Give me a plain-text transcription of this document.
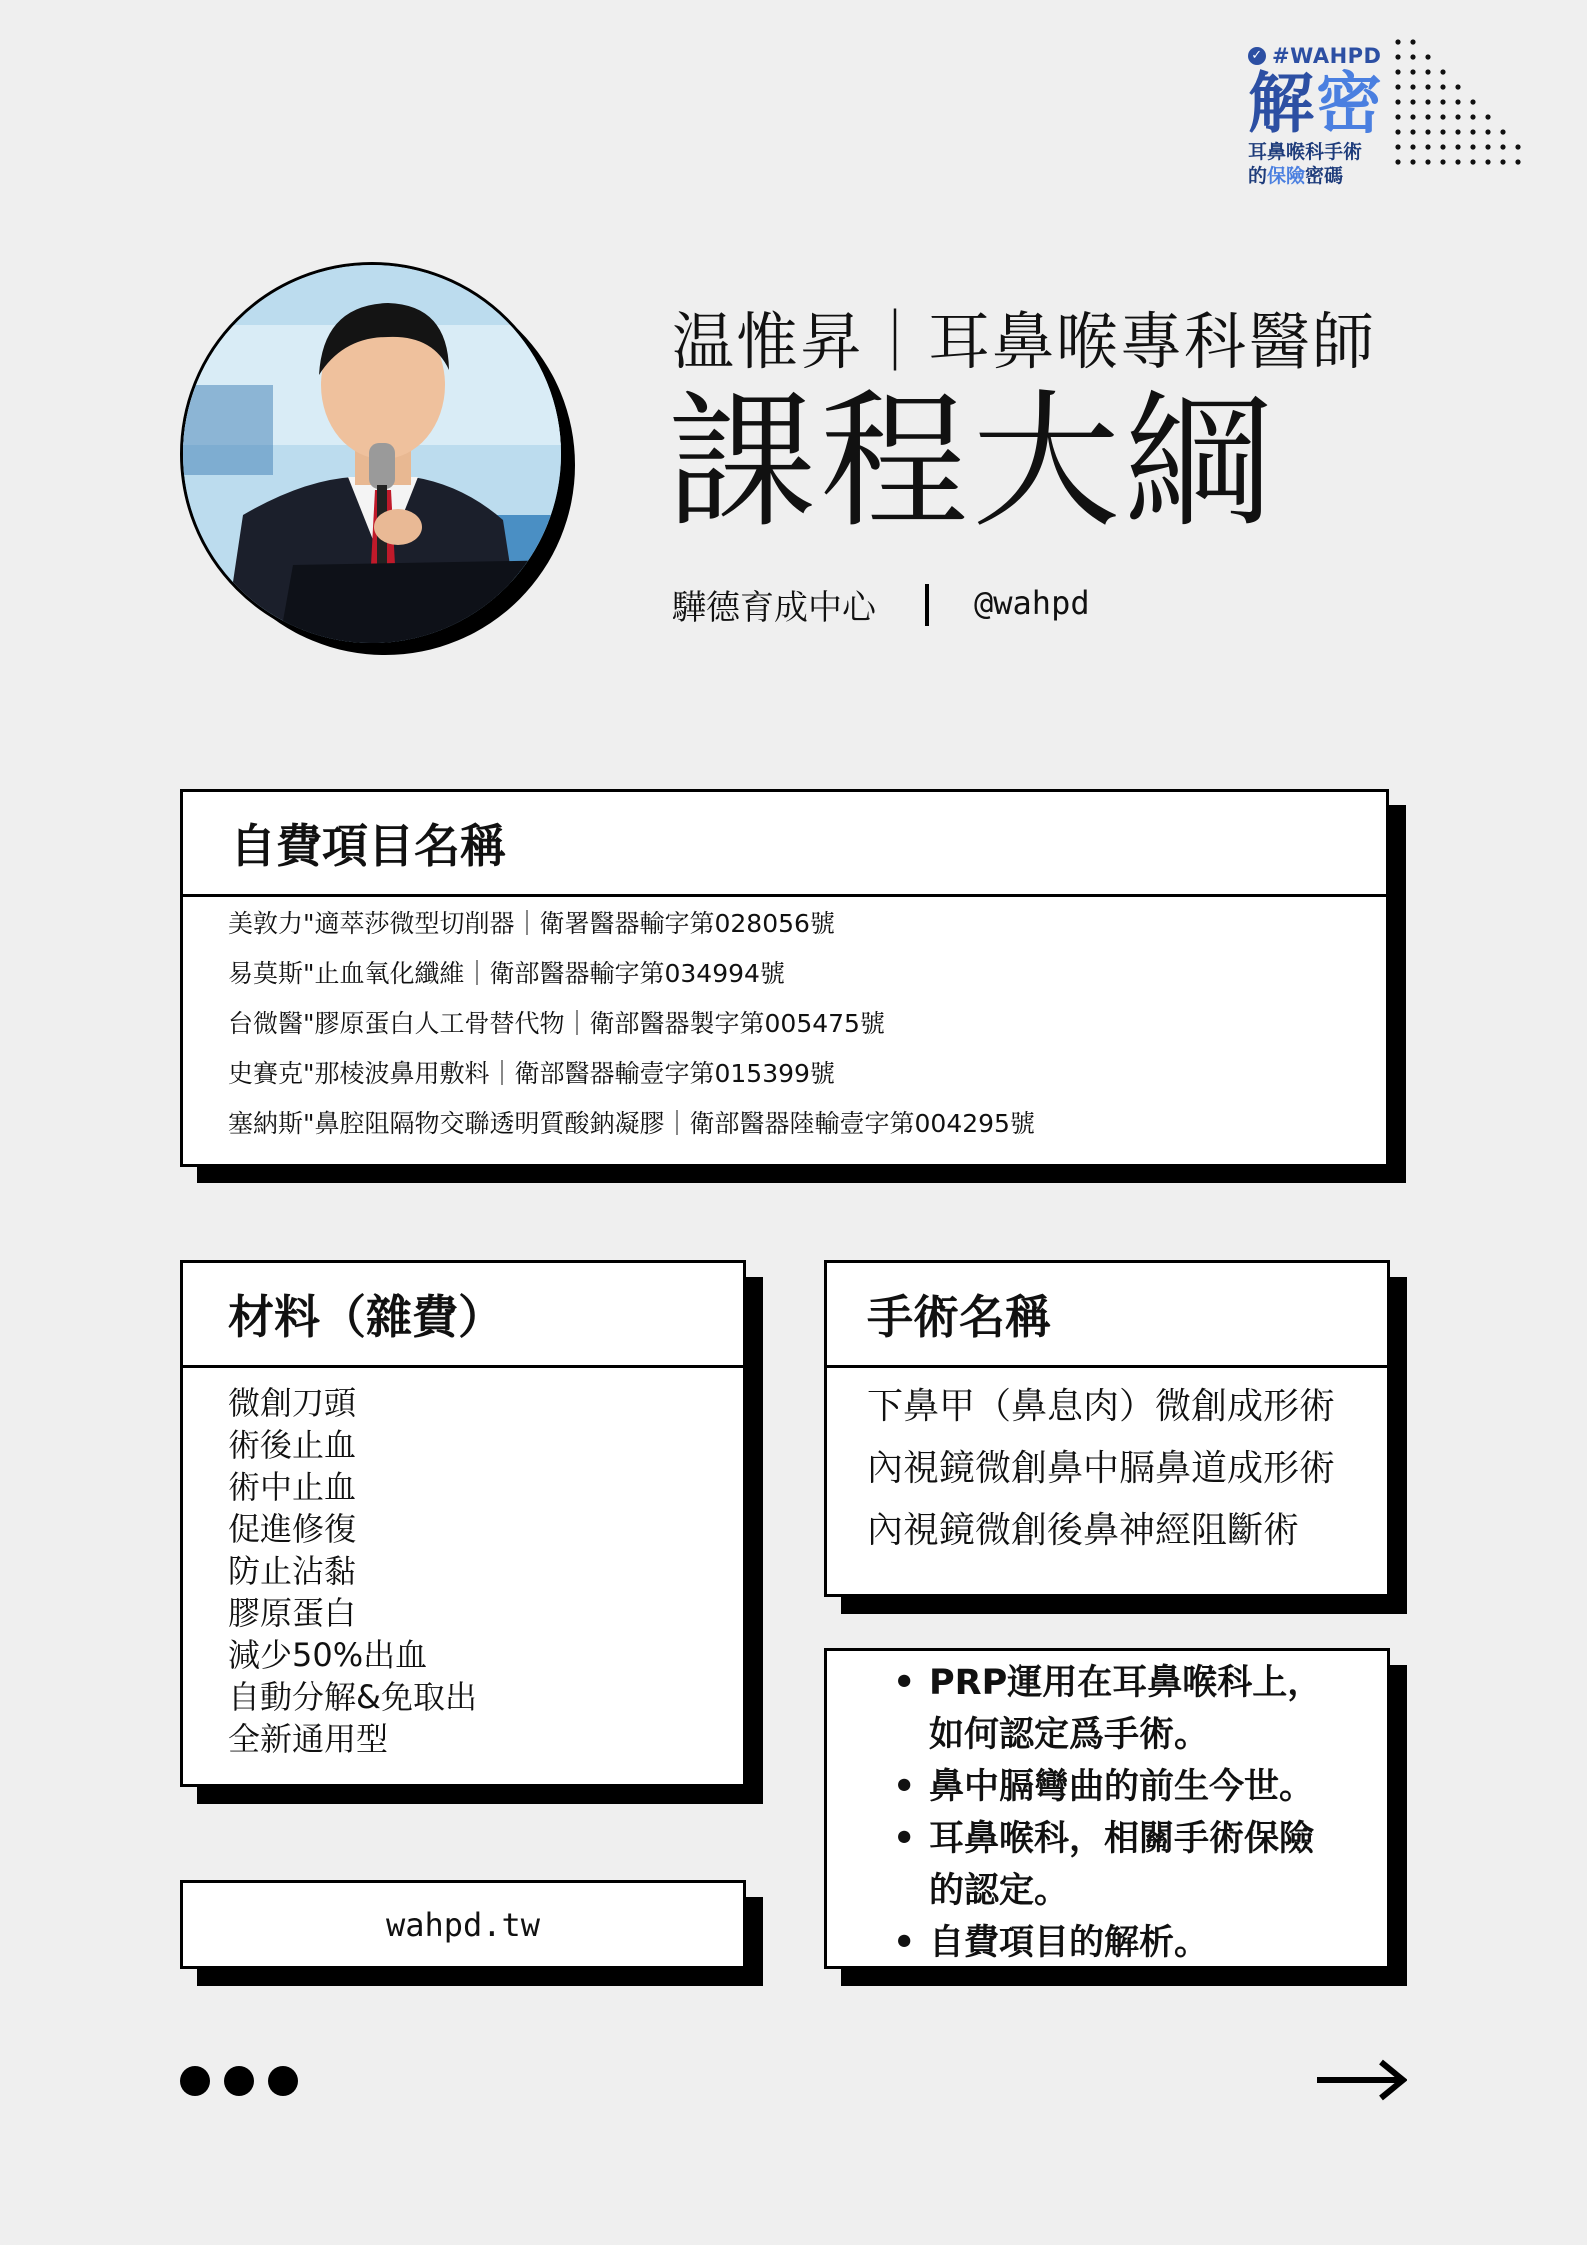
✓ #WAHPD
解密
耳鼻喉科手術
的保險密碼
温惟昇｜耳鼻喉專科醫師
課程大綱
驊德育成中心	@wahpd
自費項目名稱
美敦力"適萃莎微型切削器｜衛署醫器輸字第028056號
易莫斯"止血氧化纖維｜衛部醫器輸字第034994號
台微醫"膠原蛋白人工骨替代物｜衛部醫器製字第005475號
史賽克"那棱波鼻用敷料｜衛部醫器輸壹字第015399號
塞納斯"鼻腔阻隔物交聯透明質酸鈉凝膠｜衛部醫器陸輸壹字第004295號
材料（雜費）
微創刀頭
術後止血
術中止血
促進修復
防止沾黏
膠原蛋白
減少50%出血
自動分解&免取出
全新通用型
手術名稱
下鼻甲（鼻息肉）微創成形術
內視鏡微創鼻中膈鼻道成形術
內視鏡微創後鼻神經阻斷術
• PRP運用在耳鼻喉科上，
如何認定爲手術。
• 鼻中膈彎曲的前生今世。
• 耳鼻喉科，相關手術保險
的認定。
• 自費項目的解析。
wahpd.tw
